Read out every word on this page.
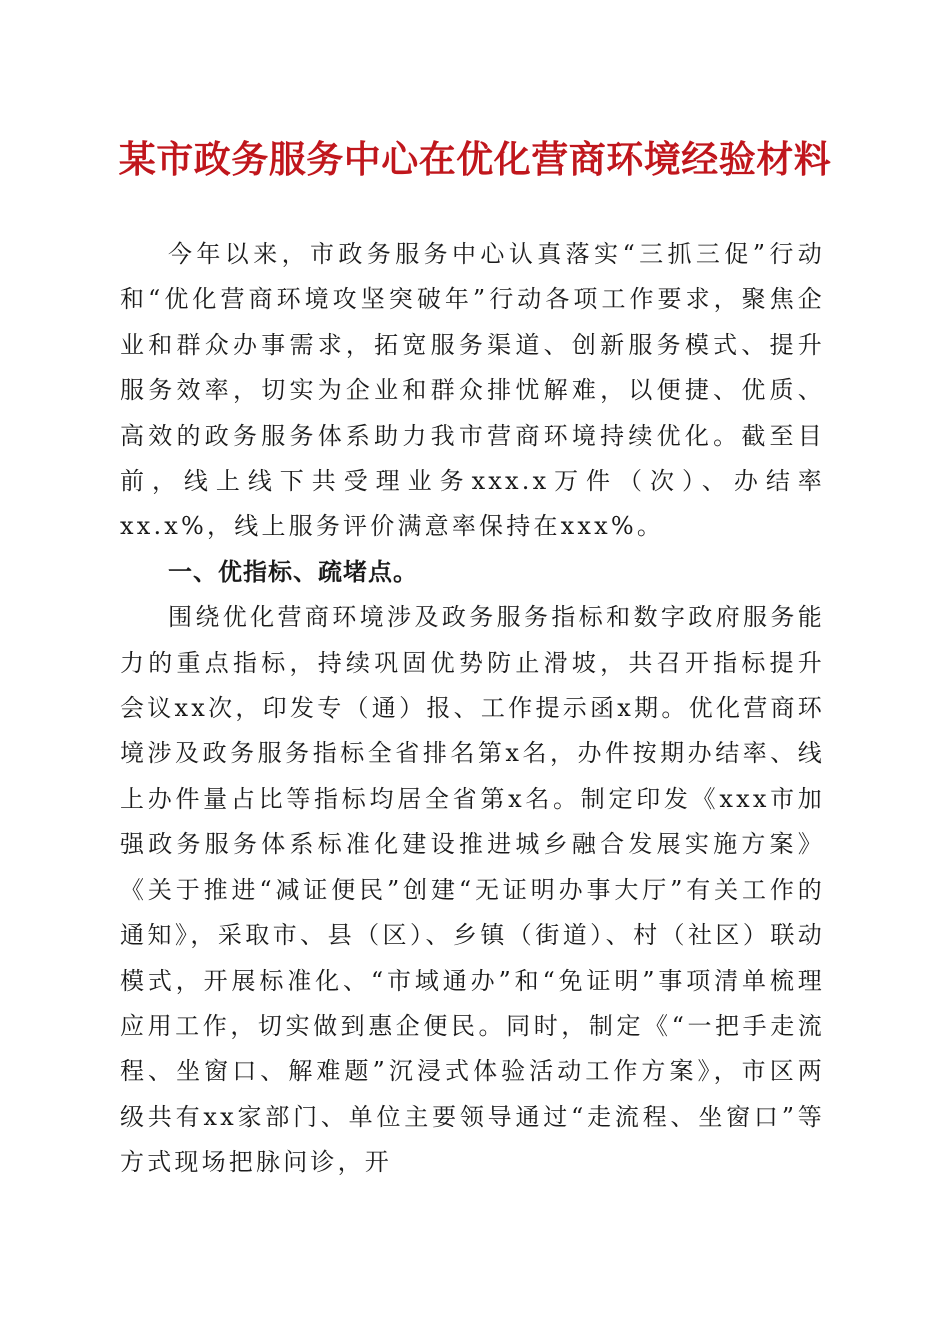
某市政务服务中心在优化营商环境经验材料

今年以来，市政务服务中心认真落实“三抓三促”行动和“优化营商环境攻坚突破年”行动各项工作要求，聚焦企业和群众办事需求，拓宽服务渠道、创新服务模式、提升服务效率，切实为企业和群众排忧解难，以便捷、优质、高效的政务服务体系助力我市营商环境持续优化。截至目前，线上线下共受理业务xxx.x万件（次）、办结率xx.x%，线上服务评价满意率保持在xxx%。

一、优指标、疏堵点。

围绕优化营商环境涉及政务服务指标和数字政府服务能力的重点指标，持续巩固优势防止滑坡，共召开指标提升会议xx次，印发专（通）报、工作提示函x期。优化营商环境涉及政务服务指标全省排名第x名，办件按期办结率、线上办件量占比等指标均居全省第x名。制定印发《xxx市加强政务服务体系标准化建设推进城乡融合发展实施方案》《关于推进“减证便民”创建“无证明办事大厅”有关工作的通知》，采取市、县（区）、乡镇（街道）、村（社区）联动模式，开展标准化、“市域通办”和“免证明”事项清单梳理应用工作，切实做到惠企便民。同时，制定《“一把手走流程、坐窗口、解难题”沉浸式体验活动工作方案》，市区两级共有xx家部门、单位主要领导通过“走流程、坐窗口”等方式现场把脉问诊，开
